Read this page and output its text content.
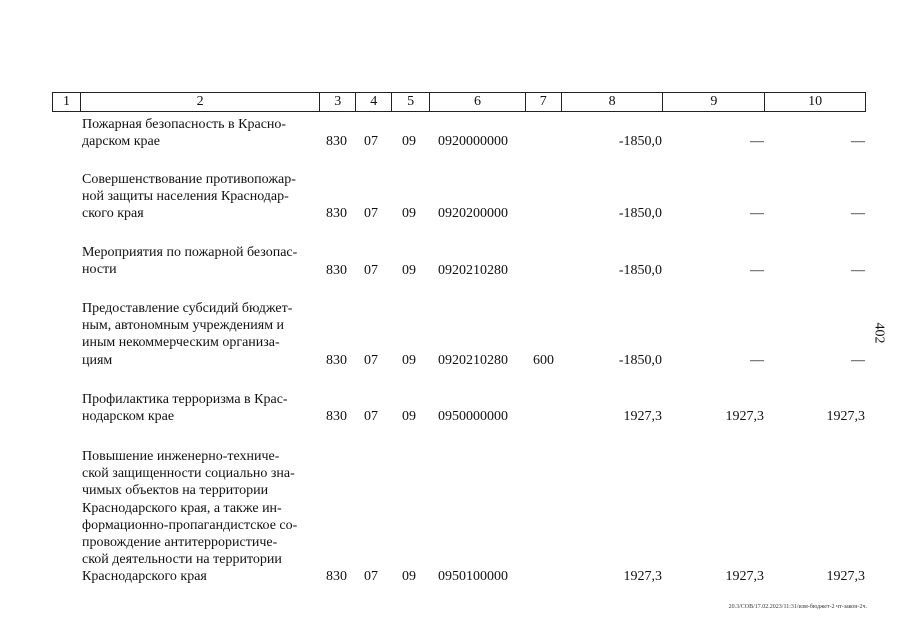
1	2	3	4	5	6	7	8	9	10
Пожарная безопасность в Красно-
дарском крае	830 07 09 0920000000	-1850,0	—	—
Совершенствование противопожар-
ной защиты населения Краснодар-
ского края	830 07 09 0920200000	-1850,0	—	—
Мероприятия по пожарной безопас-
ности	830 07 09 0920210280	-1850,0	—	—
Предоставление субсидий бюджет-
ным, автономным учреждениям и
иным некоммерческим организа-
циям	830 07 09 0920210280 600	-1850,0	—	—
Профилактика терроризма в Крас-
нодарском крае	830 07 09 0950000000	1927,3	1927,3	1927,3
Повышение инженерно-техниче-
ской защищенности социально зна-
чимых объектов на территории
Краснодарского края, а также ин-
формационно-пропагандистское со-
провождение антитеррористиче-
ской деятельности на территории
Краснодарского края	830 07 09 0950100000	1927,3	1927,3	1927,3
402
20.3/СОВ/17.02.2023/11:31/изм-бюджет-2 чт-закон-2ч.
